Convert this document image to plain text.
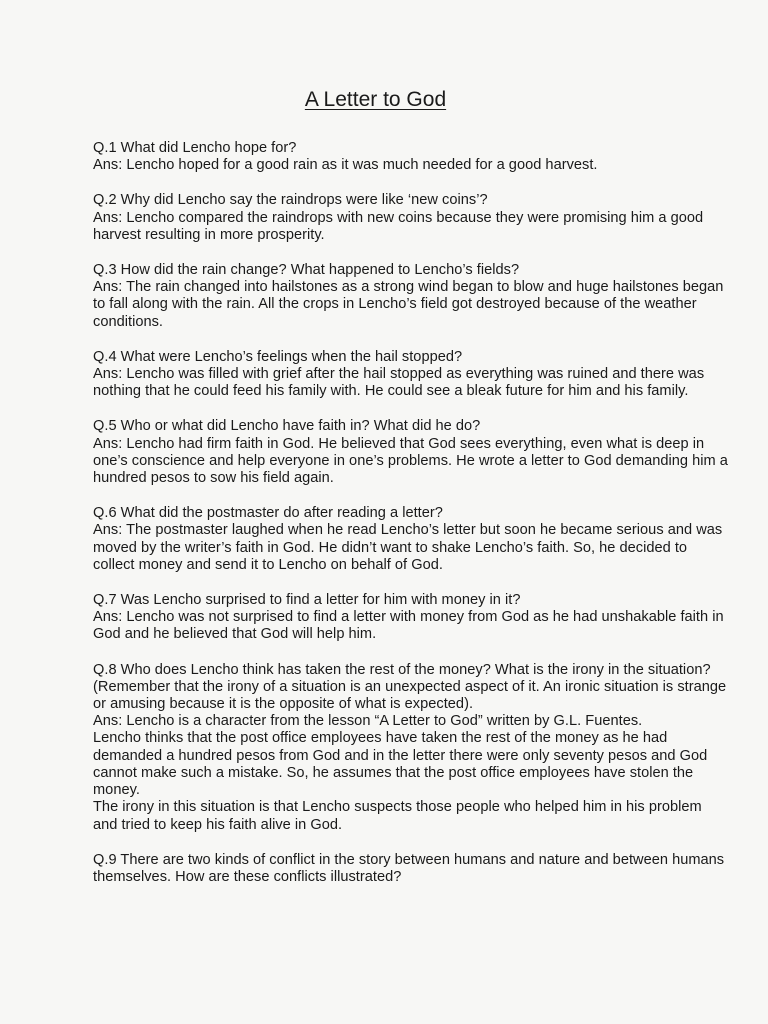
A Letter to God

Q.1 What did Lencho hope for?

Ans: Lencho hoped for a good rain as it was much needed for a good harvest.

Q.2 Why did Lencho say the raindrops were like ‘new coins’?

Ans: Lencho compared the raindrops with new coins because they were promising him a good harvest resulting in more prosperity.

Q.3 How did the rain change? What happened to Lencho’s fields?

Ans: The rain changed into hailstones as a strong wind began to blow and huge hailstones began to fall along with the rain. All the crops in Lencho’s field got destroyed because of the weather conditions.

Q.4 What were Lencho’s feelings when the hail stopped?

Ans: Lencho was filled with grief after the hail stopped as everything was ruined and there was nothing that he could feed his family with. He could see a bleak future for him and his family.

Q.5 Who or what did Lencho have faith in? What did he do?

Ans: Lencho had firm faith in God. He believed that God sees everything, even what is deep in one’s conscience and help everyone in one’s problems. He wrote a letter to God demanding him a hundred pesos to sow his field again.

Q.6 What did the postmaster do after reading a letter?

Ans: The postmaster laughed when he read Lencho’s letter but soon he became serious and was moved by the writer’s faith in God. He didn’t want to shake Lencho’s faith. So, he decided to collect money and send it to Lencho on behalf of God.

Q.7 Was Lencho surprised to find a letter for him with money in it?

Ans: Lencho was not surprised to find a letter with money from God as he had unshakable faith in God and he believed that God will help him.

Q.8 Who does Lencho think has taken the rest of the money? What is the irony in the situation? (Remember that the irony of a situation is an unexpected aspect of it. An ironic situation is strange or amusing because it is the opposite of what is expected).

Ans: Lencho is a character from the lesson “A Letter to God” written by G.L. Fuentes.

Lencho thinks that the post office employees have taken the rest of the money as he had demanded a hundred pesos from God and in the letter there were only seventy pesos and God cannot make such a mistake. So, he assumes that the post office employees have stolen the money.

The irony in this situation is that Lencho suspects those people who helped him in his problem and tried to keep his faith alive in God.

Q.9 There are two kinds of conflict in the story between humans and nature and between humans themselves. How are these conflicts illustrated?
